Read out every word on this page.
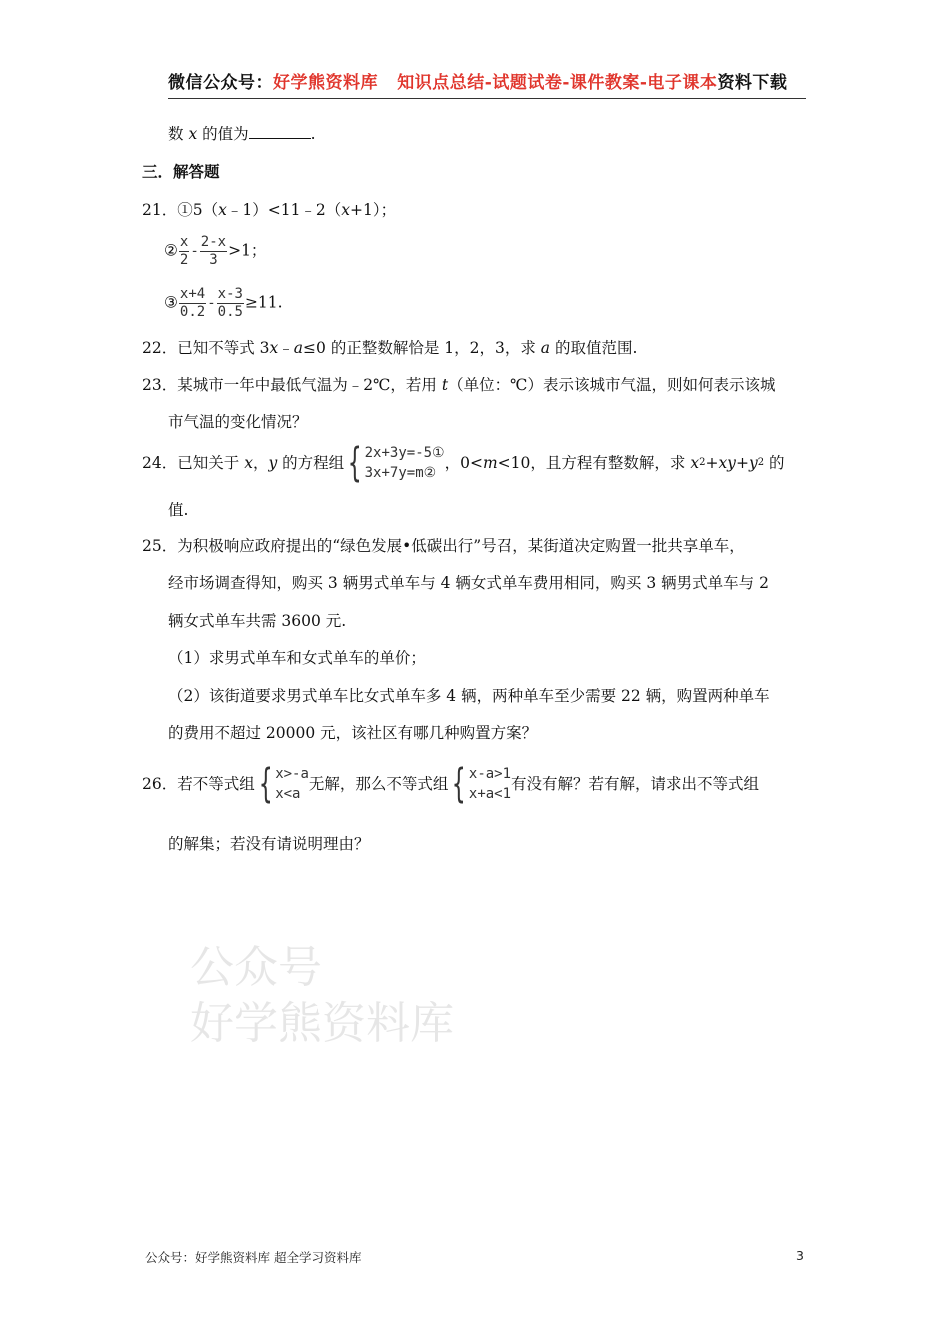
微信公众号：好学熊资料库 知识点总结-试题试卷-课件教案-电子课本资料下载
数 x 的值为	.
三．解答题
21．①5（x﹣1）<11﹣2（x+1）；
② $\frac{x}{2} - \frac{2-x}{3} >1$；
③ $\frac{x+4}{0.2} - \frac{x-3}{0.5} \ge 11$.
22．已知不等式 3x﹣a≤0 的正整数解恰是 1，2，3，求 a 的取值范围.
23．某城市一年中最低气温为﹣2℃，若用 t（单位：℃）表示该城市气温，则如何表示该城
市气温的变化情况？
24． 已知关于
x ， y
的方程组 { 2x+3y=-5①
3x+7y=m②
，0< m <10，且方程有整数解，求
x 2 +xy+ y 2
的
值.
25．为积极响应政府提出的“绿色发展•低碳出行”号召，某街道决定购置一批共享单车，
经市场调查得知，购买 3 辆男式单车与 4 辆女式单车费用相同，购买 3 辆男式单车与 2
辆女式单车共需 3600 元.
（1）求男式单车和女式单车的单价；
（2）该街道要求男式单车比女式单车多 4 辆，两种单车至少需要 22 辆，购置两种单车
的费用不超过 20000 元，该社区有哪几种购置方案？
26． 若不等式组 { x>-a
x<a
无解，那么不等式组 { x-a>1
x+a<1
有没有解？若有解，请求出不等式组
的解集；若没有请说明理由？
公众号
好学熊资料库
公众号：好学熊资料库 超全学习资料库	3
